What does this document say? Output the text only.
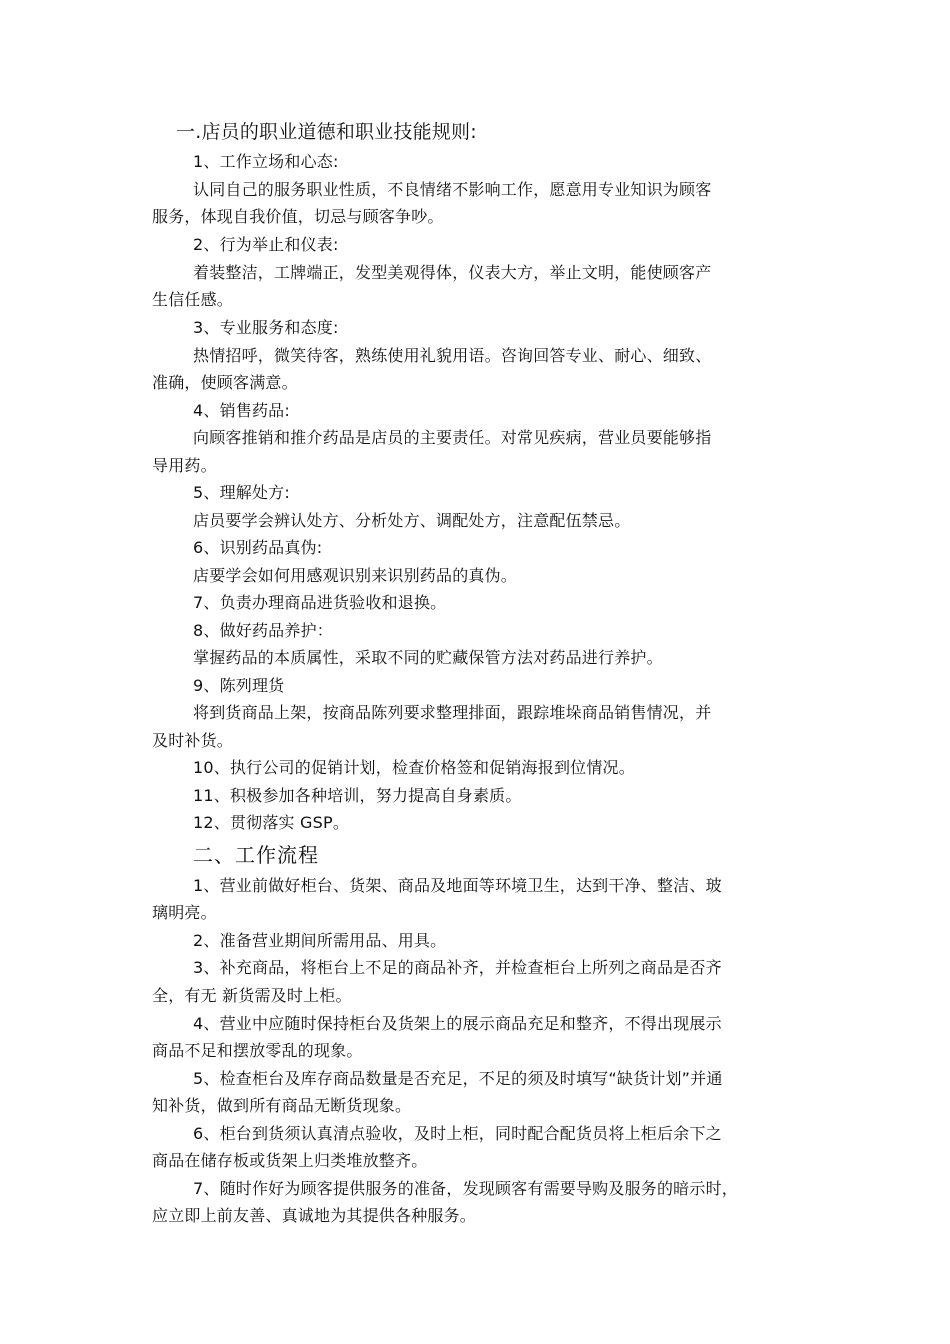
一.店员的职业道德和职业技能规则:
1、工作立场和心态:
认同自己的服务职业性质，不良情绪不影响工作，愿意用专业知识为顾客
服务，体现自我价值，切忌与顾客争吵。
2、行为举止和仪表:
着装整洁，工牌端正，发型美观得体，仪表大方，举止文明，能使顾客产
生信任感。
3、专业服务和态度:
热情招呼，微笑待客，熟练使用礼貌用语。咨询回答专业、耐心、细致、
准确，使顾客满意。
4、销售药品:
向顾客推销和推介药品是店员的主要责任。对常见疾病，营业员要能够指
导用药。
5、理解处方:
店员要学会辨认处方、分析处方、调配处方，注意配伍禁忌。
6、识别药品真伪:
店要学会如何用感观识别来识别药品的真伪。
7、负责办理商品进货验收和退换。
8、做好药品养护：
掌握药品的本质属性，采取不同的贮藏保管方法对药品进行养护。
9、陈列理货
将到货商品上架，按商品陈列要求整理排面，跟踪堆垛商品销售情况，并
及时补货。
10、执行公司的促销计划，检查价格签和促销海报到位情况。
11、积极参加各种培训，努力提高自身素质。
12、贯彻落实 GSP。
二、工作流程
1、营业前做好柜台、货架、商品及地面等环境卫生，达到干净、整洁、玻
璃明亮。
2、准备营业期间所需用品、用具。
3、补充商品，将柜台上不足的商品补齐，并检查柜台上所列之商品是否齐
全，有无 新货需及时上柜。
4、营业中应随时保持柜台及货架上的展示商品充足和整齐，不得出现展示
商品不足和摆放零乱的现象。
5、检查柜台及库存商品数量是否充足，不足的须及时填写“缺货计划”并通
知补货，做到所有商品无断货现象。
6、柜台到货须认真清点验收，及时上柜，同时配合配货员将上柜后余下之
商品在储存板或货架上归类堆放整齐。
7、随时作好为顾客提供服务的准备，发现顾客有需要导购及服务的暗示时，
应立即上前友善、真诚地为其提供各种服务。
